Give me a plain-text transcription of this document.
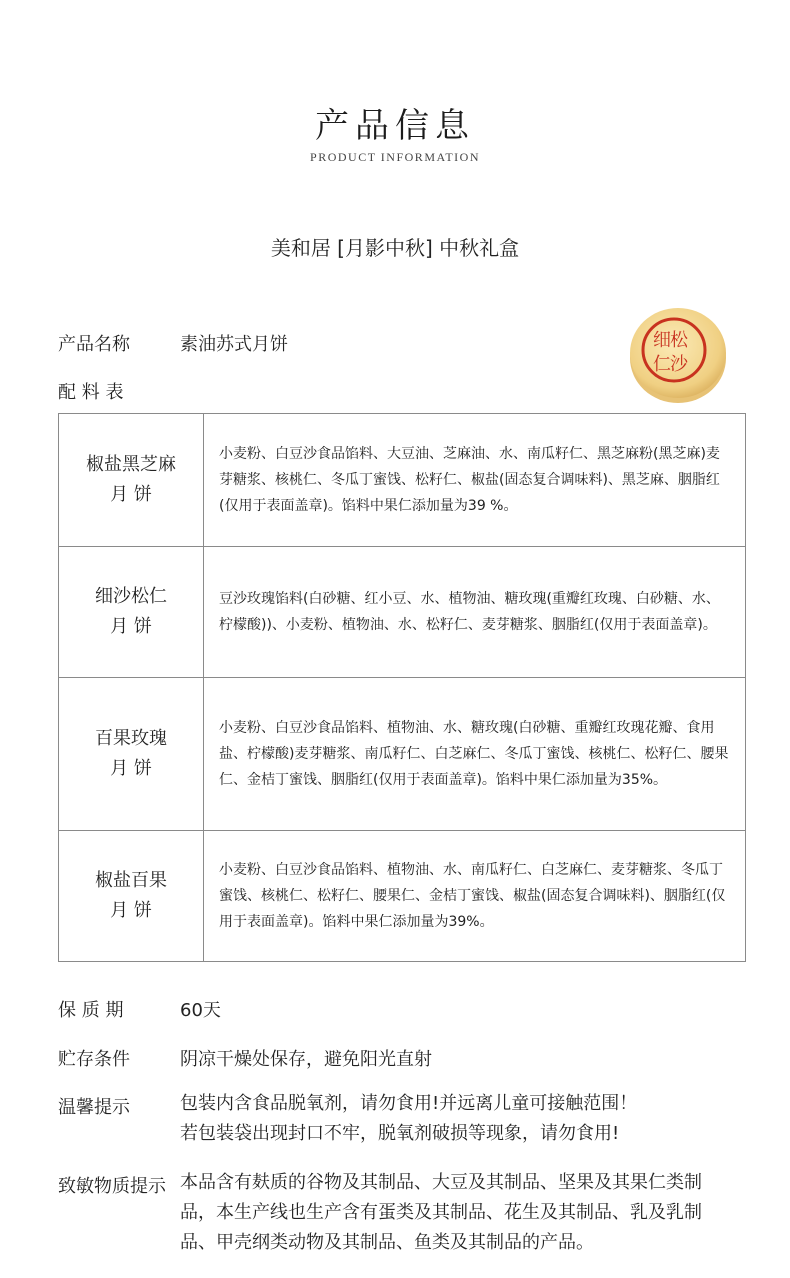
产品信息
PRODUCT INFORMATION
美和居 [月影中秋] 中秋礼盒
产品名称	素油苏式月饼
配 料 表
松
细
沙
仁
椒盐黑芝麻
月 饼	小麦粉、白豆沙食品馅料、大豆油、芝麻油、水、南瓜籽仁、黑芝麻粉(黑芝麻)麦芽糖浆、核桃仁、冬瓜丁蜜饯、松籽仁、椒盐(固态复合调味料)、黑芝麻、胭脂红(仅用于表面盖章)。馅料中果仁添加量为39 %。

细沙松仁
月 饼	豆沙玫瑰馅料(白砂糖、红小豆、水、植物油、糖玫瑰(重瓣红玫瑰、白砂糖、水、柠檬酸))、小麦粉、植物油、水、松籽仁、麦芽糖浆、胭脂红(仅用于表面盖章)。

百果玫瑰
月 饼	小麦粉、白豆沙食品馅料、植物油、水、糖玫瑰(白砂糖、重瓣红玫瑰花瓣、食用盐、柠檬酸)麦芽糖浆、南瓜籽仁、白芝麻仁、冬瓜丁蜜饯、核桃仁、松籽仁、腰果仁、金桔丁蜜饯、胭脂红(仅用于表面盖章)。馅料中果仁添加量为35%。

椒盐百果
月 饼	小麦粉、白豆沙食品馅料、植物油、水、南瓜籽仁、白芝麻仁、麦芽糖浆、冬瓜丁蜜饯、核桃仁、松籽仁、腰果仁、金桔丁蜜饯、椒盐(固态复合调味料)、胭脂红(仅用于表面盖章)。馅料中果仁添加量为39%。
保 质 期	60天
贮存条件	阴凉干燥处保存，避免阳光直射
温馨提示	包装内含食品脱氧剂，请勿食用!并远离儿童可接触范围！
若包装袋出现封口不牢，脱氧剂破损等现象，请勿食用!
致敏物质提示 本品含有麸质的谷物及其制品、大豆及其制品、坚果及其果仁类制
品，本生产线也生产含有蛋类及其制品、花生及其制品、乳及乳制
品、甲壳纲类动物及其制品、鱼类及其制品的产品。
